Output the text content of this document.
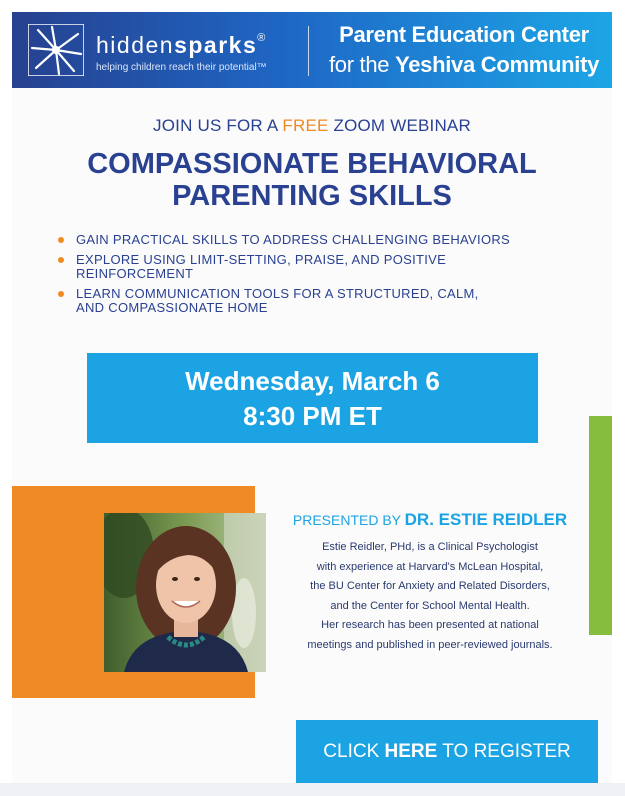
hiddensparks®
helping children reach their potential™
Parent Education Center
for the Yeshiva Community
JOIN US FOR A FREE ZOOM WEBINAR
COMPASSIONATE BEHAVIORAL
PARENTING SKILLS
GAIN PRACTICAL SKILLS TO ADDRESS CHALLENGING BEHAVIORS
EXPLORE USING LIMIT-SETTING, PRAISE, AND POSITIVE
REINFORCEMENT
LEARN COMMUNICATION TOOLS FOR A STRUCTURED, CALM,
AND COMPASSIONATE HOME
Wednesday, March 6
8:30 PM ET
PRESENTED BY DR. ESTIE REIDLER
Estie Reidler, PHd, is a Clinical Psychologist
with experience at Harvard's McLean Hospital,
the BU Center for Anxiety and Related Disorders,
and the Center for School Mental Health.
Her research has been presented at national
meetings and published in peer-reviewed journals.
CLICK HERE TO REGISTER
